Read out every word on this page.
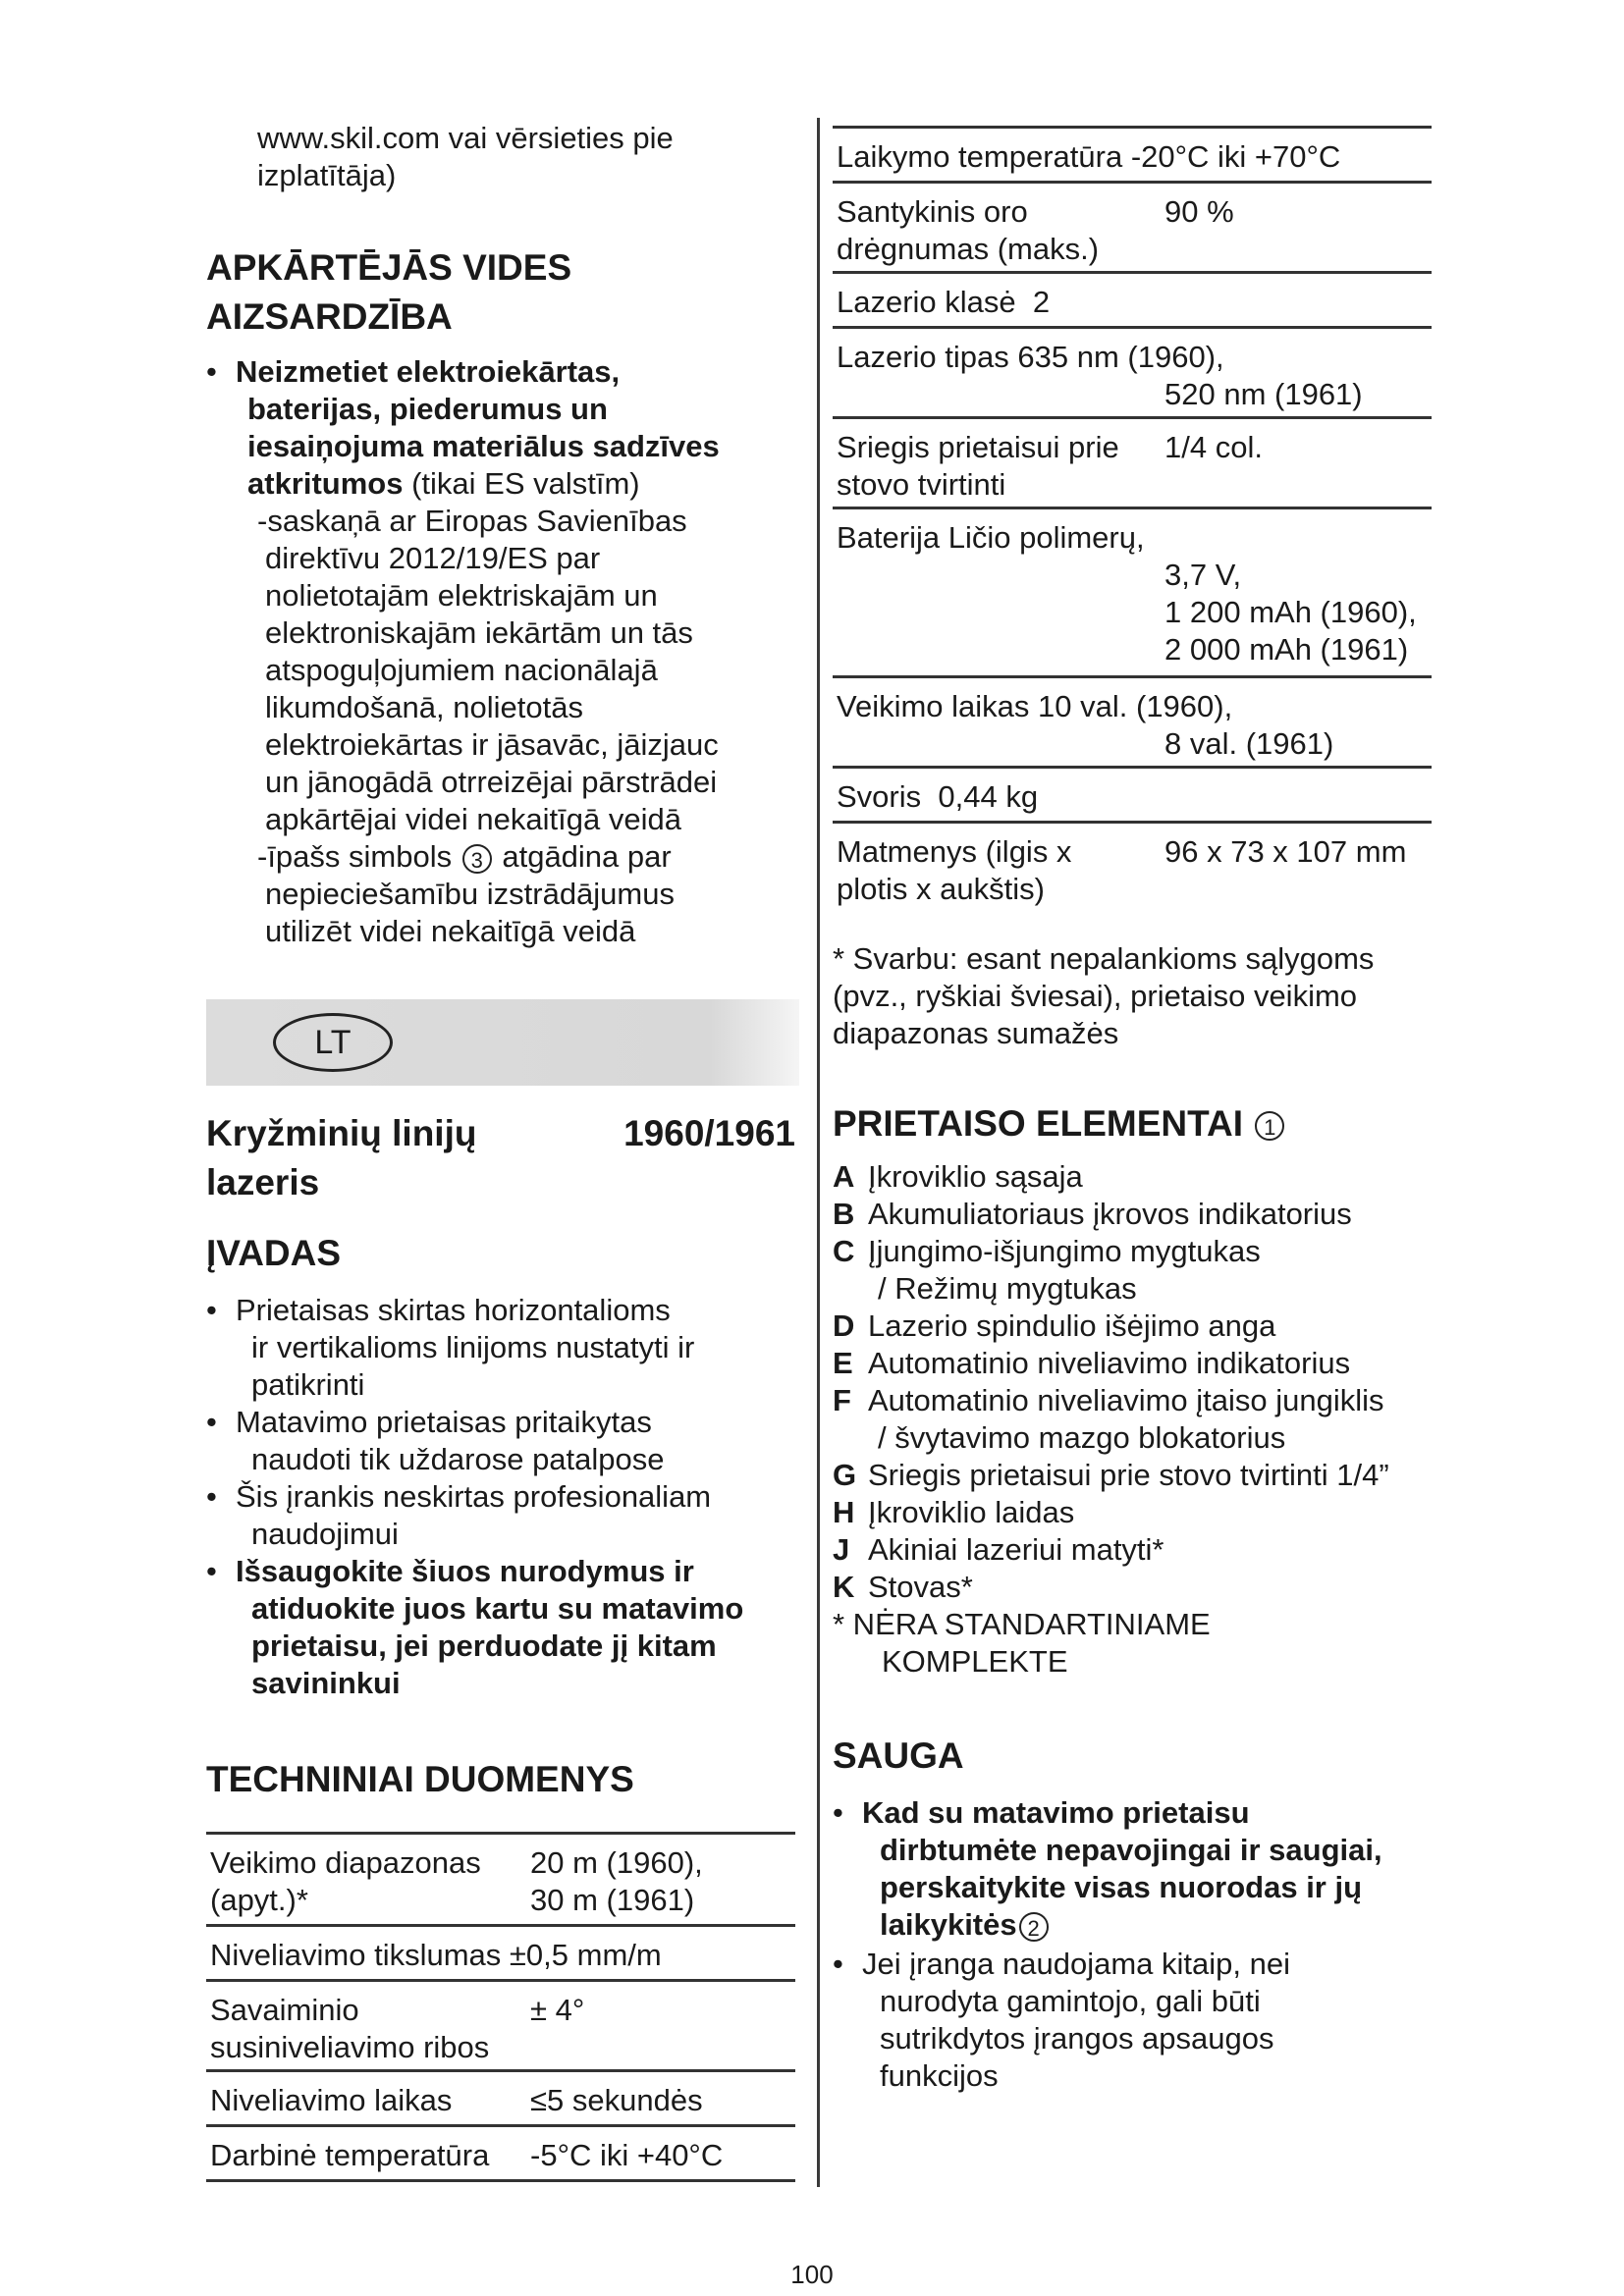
www.skil.com vai vērsieties pie
izplatītāja)
APKĀRTĒJĀS VIDES
AIZSARDZĪBA
• Neizmetiet elektroiekārtas,
baterijas, piederumus un
iesaiņojuma materiālus sadzīves
atkritumos (tikai ES valstīm)
-saskaņā ar Eiropas Savienības
direktīvu 2012/19/ES par
nolietotajām elektriskajām un
elektroniskajām iekārtām un tās
atspoguļojumiem nacionālajā
likumdošanā, nolietotās
elektroiekārtas ir jāsavāc, jāizjauc
un jānogādā otrreizējai pārstrādei
apkārtējai videi nekaitīgā veidā
-īpašs simbols 3 atgādina par
nepieciešamību izstrādājumus
utilizēt videi nekaitīgā veidā
LT
Kryžminių linijų
lazeris
1960/1961
ĮVADAS
• Prietaisas skirtas horizontalioms
ir vertikalioms linijoms nustatyti ir
patikrinti
• Matavimo prietaisas pritaikytas
naudoti tik uždarose patalpose
• Šis įrankis neskirtas profesionaliam
naudojimui
• Išsaugokite šiuos nurodymus ir
atiduokite juos kartu su matavimo
prietaisu, jei perduodate jį kitam
savininkui
TECHNINIAI DUOMENYS
Veikimo diapazonas
(apyt.)*
20 m (1960),
30 m (1961)
Niveliavimo tikslumas ±0,5 mm/m
Savaiminio
susiniveliavimo ribos
± 4°
Niveliavimo laikas	≤5 sekundės
Darbinė temperatūra -5°C iki +40°C
Laikymo temperatūra -20°C iki +70°C
Santykinis oro
drėgnumas (maks.)
90 %
Lazerio klasė 2
Lazerio tipas 635 nm (1960),
520 nm (1961)
Sriegis prietaisui prie
stovo tvirtinti
1/4 col.
Baterija Ličio polimerų,
3,7 V,
1 200 mAh (1960),
2 000 mAh (1961)
Veikimo laikas 10 val. (1960),
8 val. (1961)
Svoris 0,44 kg
Matmenys (ilgis x
plotis x aukštis)
96 x 73 x 107 mm
* Svarbu: esant nepalankioms sąlygoms
(pvz., ryškiai šviesai), prietaiso veikimo
diapazonas sumažės
PRIETAISO ELEMENTAI 1
A Įkroviklio sąsaja
B Akumuliatoriaus įkrovos indikatorius
C Įjungimo-išjungimo mygtukas
/ Režimų mygtukas
D Lazerio spindulio išėjimo anga
E Automatinio niveliavimo indikatorius
F Automatinio niveliavimo įtaiso jungiklis
/ švytavimo mazgo blokatorius
G Sriegis prietaisui prie stovo tvirtinti 1/4”
H Įkroviklio laidas
J Akiniai lazeriui matyti*
K Stovas*
* NĖRA STANDARTINIAME
KOMPLEKTE
SAUGA
• Kad su matavimo prietaisu
dirbtumėte nepavojingai ir saugiai,
perskaitykite visas nuorodas ir jų
laikykitės 2
• Jei įranga naudojama kitaip, nei
nurodyta gamintojo, gali būti
sutrikdytos įrangos apsaugos
funkcijos
100
